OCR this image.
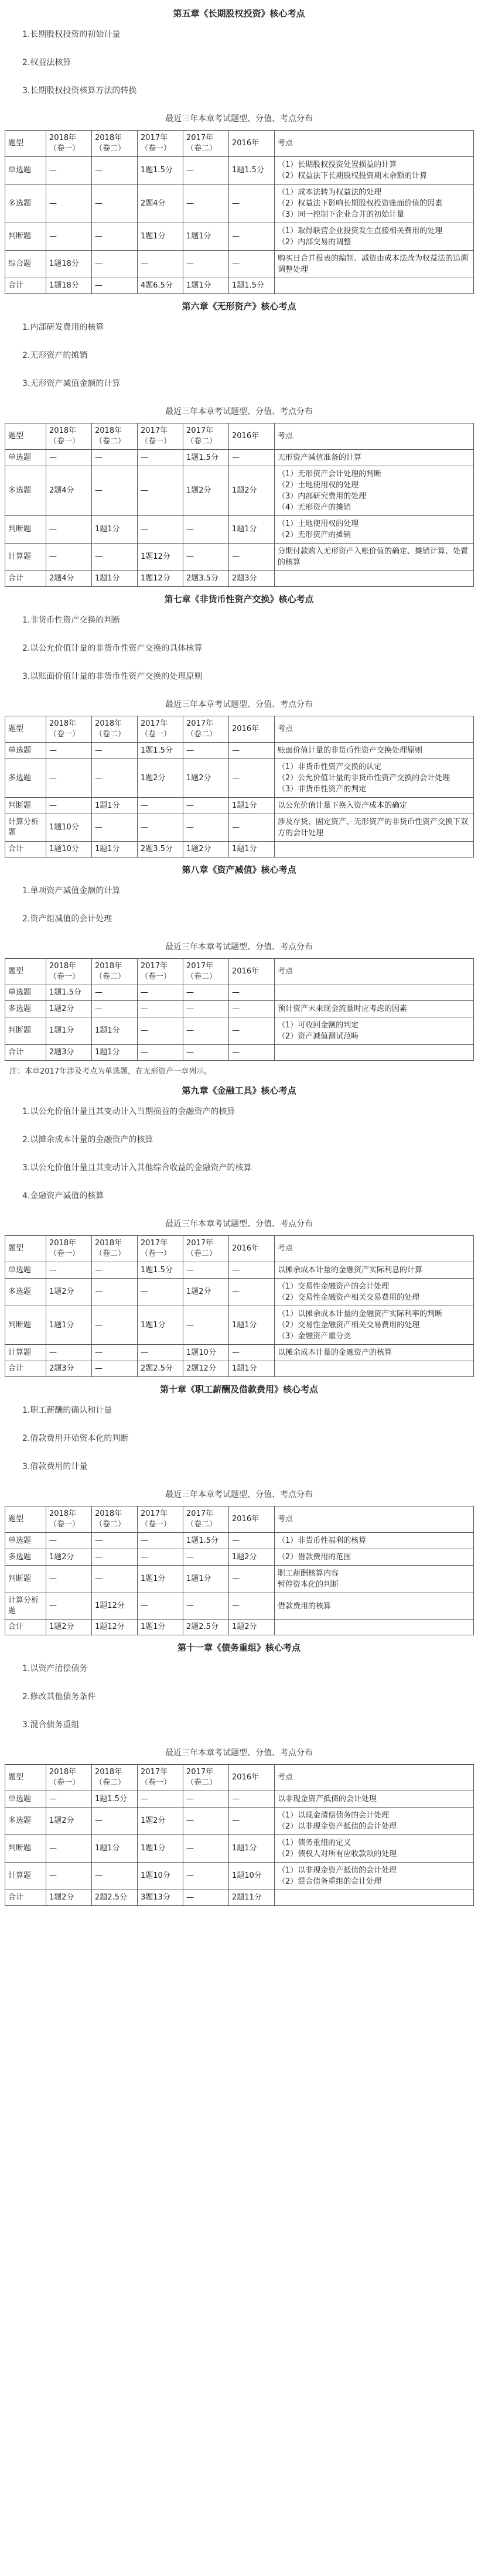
第五章《长期股权投资》核心考点
1.长期股权投资的初始计量
2.权益法核算
3.长期股权投资核算方法的转换
最近三年本章考试题型、分值、考点分布
题型	2018年（卷一）	2018年（卷二）	2017年（卷一）	2017年（卷二）	2016年	考点
单选题	—	—	1题1.5分	—	1题1.5分	（1）长期股权投资处置损益的计算
（2）权益法下长期股权投资期末余额的计算
多选题	—	—	2题4分	—	—	（1）成本法转为权益法的处理
（2）权益法下影响长期股权投资账面价值的因素
（3）同一控制下企业合并的初始计量
判断题	—	—	1题1分	1题1分	—	（1）取得联营企业投资发生直接相关费用的处理
（2）内部交易的调整
综合题	1题18分	—	—	—	—	购买日合并报表的编制、减资由成本法改为权益法的追溯调整处理
合计	1题18分	—	4题6.5分	1题1分	1题1.5分	
第六章《无形资产》核心考点
1.内部研发费用的核算
2.无形资产的摊销
3.无形资产减值金额的计算
最近三年本章考试题型、分值、考点分布
题型	2018年（卷一）	2018年（卷二）	2017年（卷一）	2017年（卷二）	2016年	考点
单选题	—	—	—	1题1.5分	—	无形资产减值准备的计算
多选题	2题4分	—	—	1题2分	1题2分	（1）无形资产会计处理的判断
（2）土地使用权的处理
（3）内部研究费用的处理
（4）无形资产的摊销
判断题	—	1题1分	—	—	1题1分	（1）土地使用权的处理
（2）无形资产的摊销
计算题	—	—	1题12分	—	—	分期付款购入无形资产入账价值的确定、摊销计算、处置的核算
合计	2题4分	1题1分	1题12分	2题3.5分	2题3分	
第七章《非货币性资产交换》核心考点
1.非货币性资产交换的判断
2.以公允价值计量的非货币性资产交换的具体核算
3.以账面价值计量的非货币性资产交换的处理原则
最近三年本章考试题型、分值、考点分布
题型	2018年（卷一）	2018年（卷二）	2017年（卷一）	2017年（卷二）	2016年	考点
单选题	—	—	1题1.5分	—	—	账面价值计量的非货币性资产交换处理原则
多选题	—	—	1题2分	1题2分	—	（1）非货币性资产交换的认定
（2）公允价值计量的非货币性资产交换的会计处理
（3）非货币性资产的判定
判断题	—	1题1分	—	—	1题1分	以公允价值计量下换入资产成本的确定
计算分析题	1题10分	—	—	—	—	涉及存货、固定资产、无形资产的非货币性资产交换下双方的会计处理
合计	1题10分	1题1分	2题3.5分	1题2分	1题1分	
第八章《资产减值》核心考点
1.单项资产减值金额的计算
2.资产组减值的会计处理
最近三年本章考试题型、分值、考点分布
题型	2018年（卷一）	2018年（卷二）	2017年（卷一）	2017年（卷二）	2016年	考点
单选题	1题1.5分	—	—	—	—	
多选题	1题2分	—	—	—	—	预计资产未来现金流量时应考虑的因素
判断题	1题1分	1题1分	—	—	—	（1）可收回金额的判定
（2）资产减值测试范畴
合计	2题3分	1题1分	—	—	—	
注：本章2017年涉及考点为单选题，在无形资产一章列示。
第九章《金融工具》核心考点
1.以公允价值计量且其变动计入当期损益的金融资产的核算
2.以摊余成本计量的金融资产的核算
3.以公允价值计量且其变动计入其他综合收益的金融资产的核算
4.金融资产减值的核算
最近三年本章考试题型、分值、考点分布
题型	2018年（卷一）	2018年（卷二）	2017年（卷一）	2017年（卷二）	2016年	考点
单选题	—	—	1题1.5分	—	—	以摊余成本计量的金融资产实际利息的计算
多选题	1题2分	—	—	1题2分	—	（1）交易性金融资产的会计处理
（2）交易性金融资产相关交易费用的处理
判断题	1题1分	—	1题1分	—	1题1分	（1）以摊余成本计量的金融资产实际利率的判断
（2）交易性金融资产相关交易费用的处理
（3）金融资产重分类
计算题	—	—	—	1题10分	—	以摊余成本计量的金融资产的核算
合计	2题3分	—	2题2.5分	2题12分	1题1分	
第十章《职工薪酬及借款费用》核心考点
1.职工薪酬的确认和计量
2.借款费用开始资本化的判断
3.借款费用的计量
最近三年本章考试题型、分值、考点分布
题型	2018年（卷一）	2018年（卷二）	2017年（卷一）	2017年（卷二）	2016年	考点
单选题	—	—	—	1题1.5分	—	（1）非货币性福利的核算
多选题	1题2分	—	—	—	1题2分	（2）借款费用的范围
判断题	—	—	1题1分	1题1分	—	职工薪酬核算内容
暂停资本化的判断
计算分析题	—	1题12分	—	—	—	借款费用的核算
合计	1题2分	1题12分	1题1分	2题2.5分	1题2分	
第十一章《债务重组》核心考点
1.以资产清偿债务
2.修改其他债务条件
3.混合债务重组
最近三年本章考试题型、分值、考点分布
题型	2018年（卷一）	2018年（卷二）	2017年（卷一）	2017年（卷二）	2016年	考点
单选题	—	1题1.5分	—	—	—	以非现金资产抵债的会计处理
多选题	1题2分	—	1题2分	—	—	（1）以现金清偿债务的会计处理
（2）以非现金资产抵债的会计处理
判断题	—	1题1分	1题1分	—	1题1分	（1）债务重组的定义
（2）债权人对所有应收款项的处理
计算题	—	—	1题10分	—	1题10分	（1）以非现金资产抵债的会计处理
（2）混合债务重组的会计处理
合计	1题2分	2题2.5分	3题13分	—	2题11分	
